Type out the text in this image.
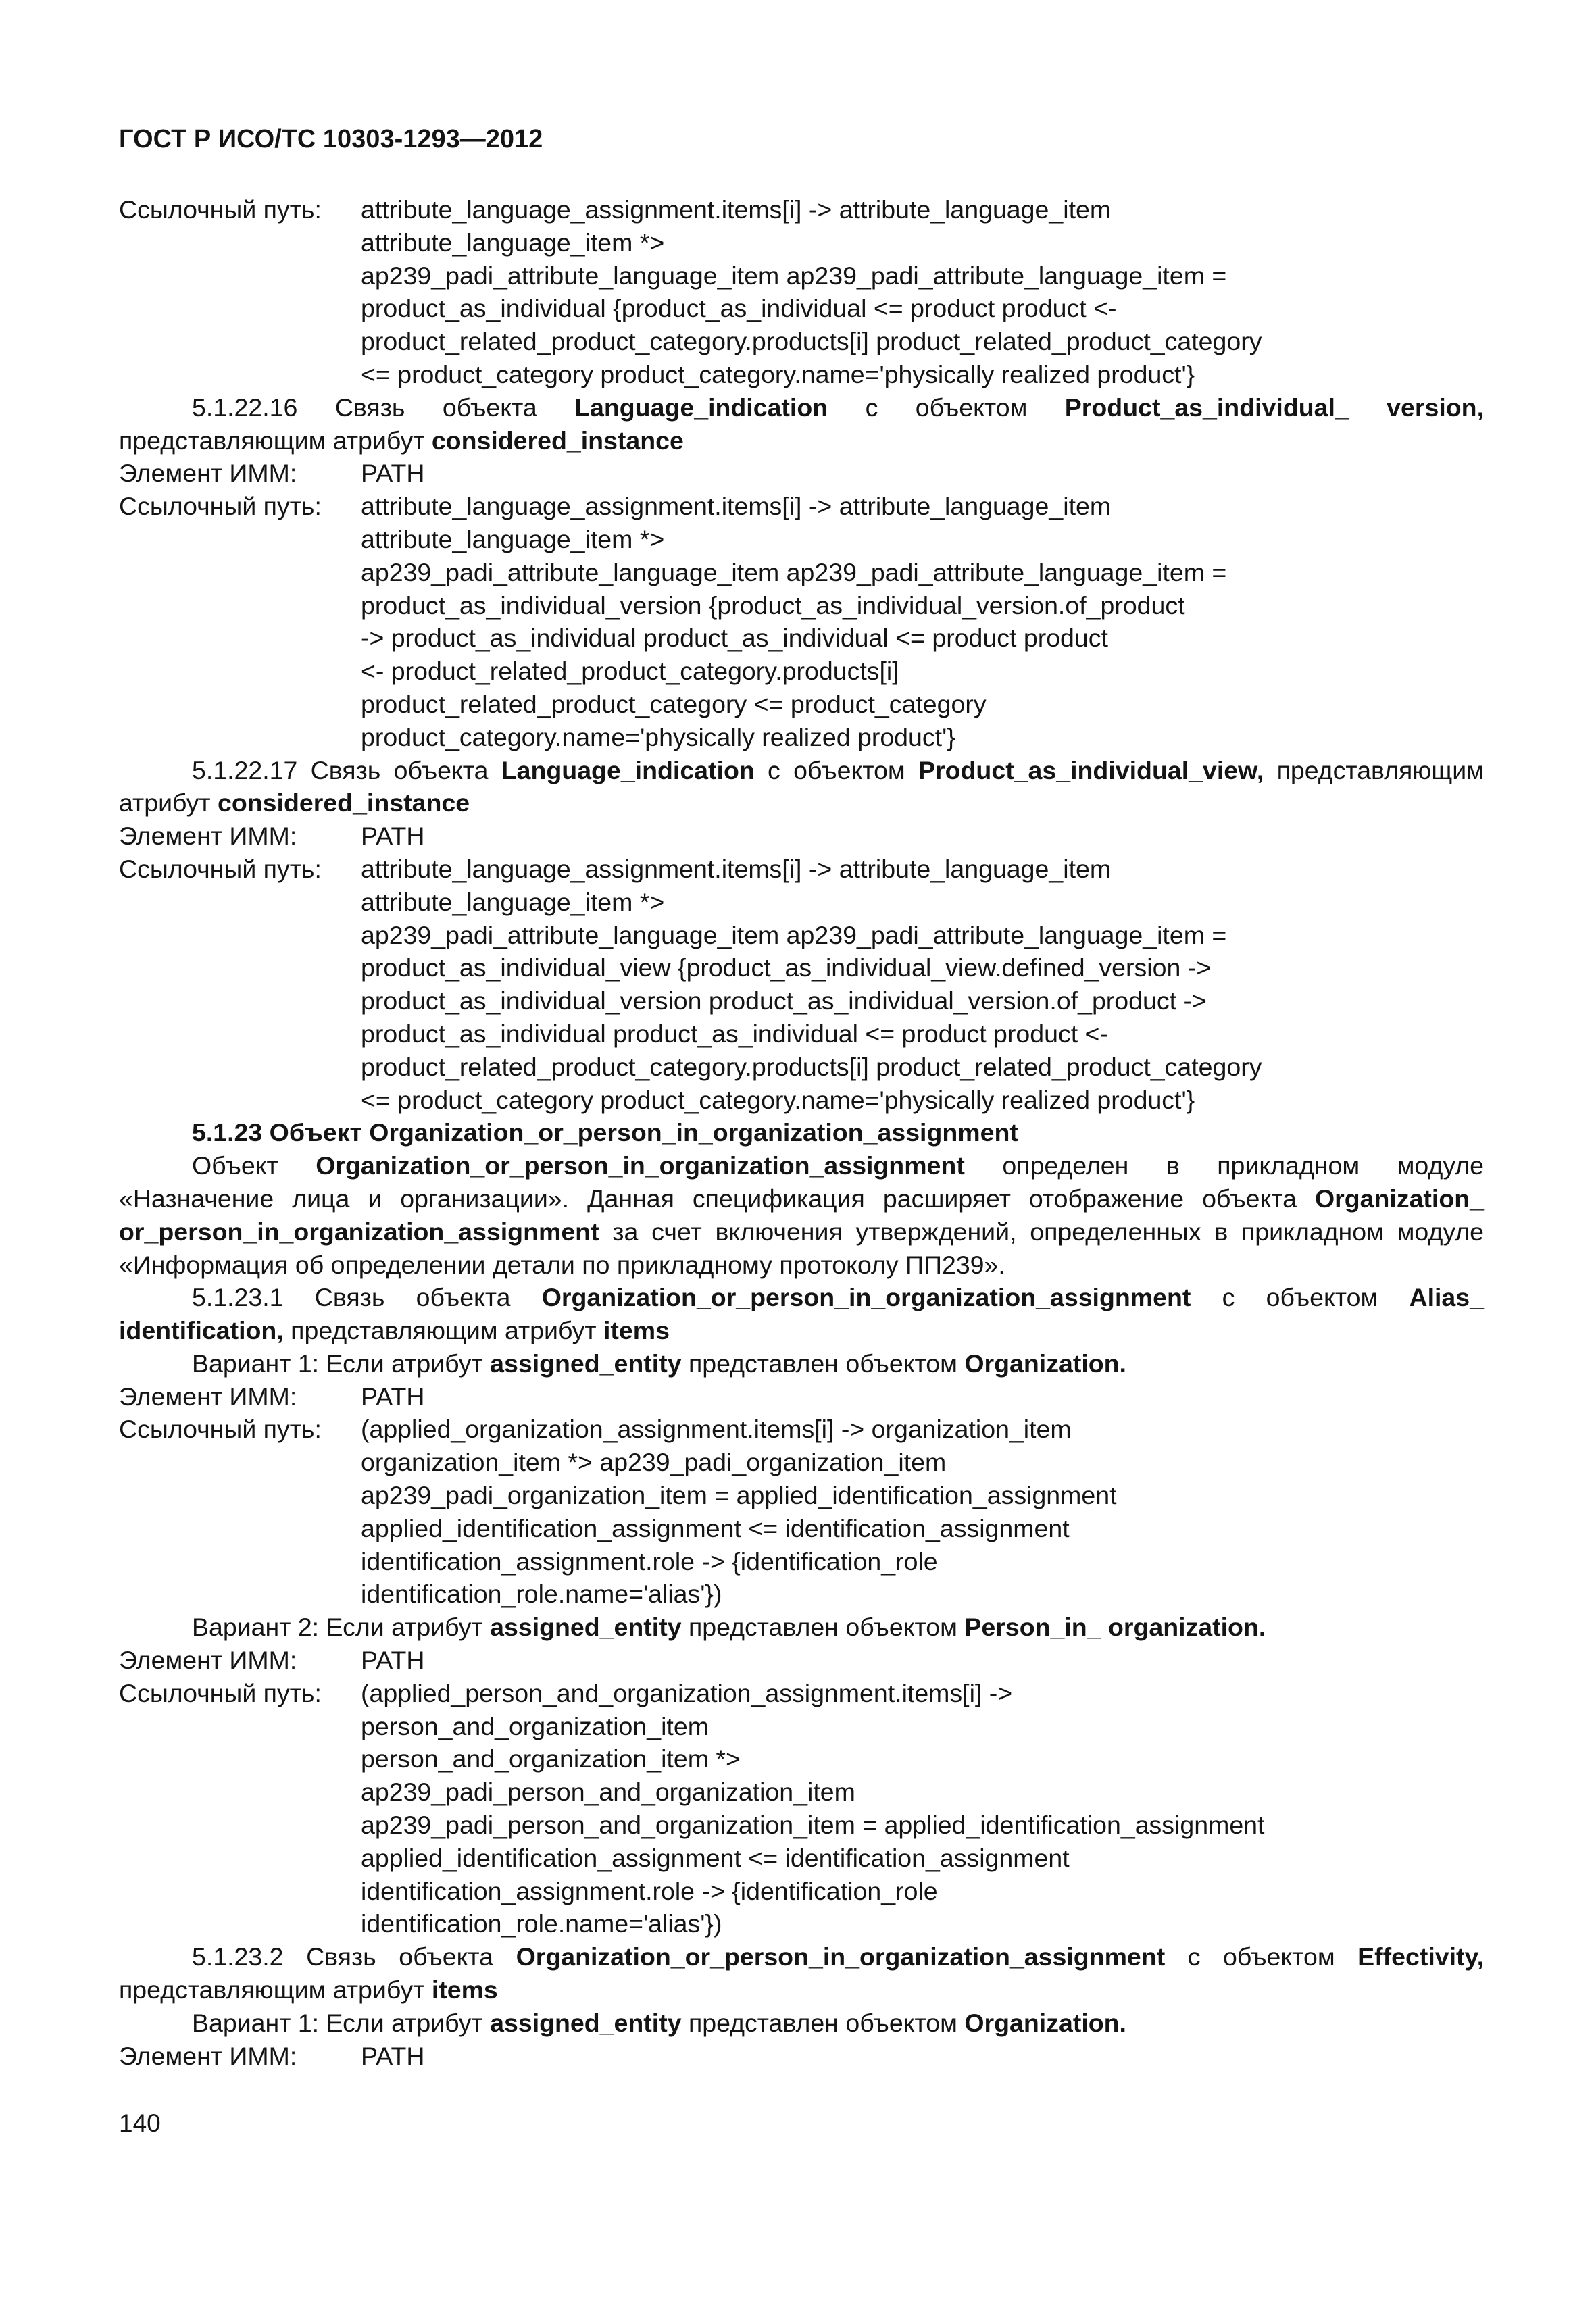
ГОСТ Р ИСО/ТС 10303-1293—2012
Ссылочный путь:	attribute_language_assignment.items[i] -> attribute_language_item
attribute_language_item *>
ap239_padi_attribute_language_item ap239_padi_attribute_language_item =
product_as_individual {product_as_individual <= product product <-
product_related_product_category.products[i] product_related_product_category
<= product_category product_category.name='physically realized product'}
5.1.22.16 Связь объекта Language_indication с объектом Product_as_individual_ version, представляющим атрибут considered_instance
Элемент ИММ:	PATH
Ссылочный путь:	attribute_language_assignment.items[i] -> attribute_language_item
attribute_language_item *>
ap239_padi_attribute_language_item ap239_padi_attribute_language_item =
product_as_individual_version {product_as_individual_version.of_product
-> product_as_individual product_as_individual <= product product
<- product_related_product_category.products[i]
product_related_product_category <= product_category
product_category.name='physically realized product'}
5.1.22.17 Связь объекта Language_indication с объектом Product_as_individual_view, представляющим атрибут considered_instance
Элемент ИММ:	PATH
Ссылочный путь:	attribute_language_assignment.items[i] -> attribute_language_item
attribute_language_item *>
ap239_padi_attribute_language_item ap239_padi_attribute_language_item =
product_as_individual_view {product_as_individual_view.defined_version ->
product_as_individual_version product_as_individual_version.of_product ->
product_as_individual product_as_individual <= product product <-
product_related_product_category.products[i] product_related_product_category
<= product_category product_category.name='physically realized product'}
5.1.23 Объект Organization_or_person_in_organization_assignment
Объект Organization_or_person_in_organization_assignment определен в прикладном модуле «Назначение лица и организации». Данная спецификация расширяет отображение объекта Organization_ or_person_in_organization_assignment за счет включения утверждений, определенных в прикладном модуле «Информация об определении детали по прикладному протоколу ПП239».
5.1.23.1 Связь объекта Organization_or_person_in_organization_assignment с объектом Alias_ identification, представляющим атрибут items
Вариант 1: Если атрибут assigned_entity представлен объектом Organization.
Элемент ИММ:	PATH
Ссылочный путь:	(applied_organization_assignment.items[i] -> organization_item
organization_item *> ap239_padi_organization_item
ap239_padi_organization_item = applied_identification_assignment
applied_identification_assignment <= identification_assignment
identification_assignment.role -> {identification_role
identification_role.name='alias'})
Вариант 2: Если атрибут assigned_entity представлен объектом Person_in_ organization.
Элемент ИММ:	PATH
Ссылочный путь:	(applied_person_and_organization_assignment.items[i] ->
person_and_organization_item
person_and_organization_item *>
ap239_padi_person_and_organization_item
ap239_padi_person_and_organization_item = applied_identification_assignment
applied_identification_assignment <= identification_assignment
identification_assignment.role -> {identification_role
identification_role.name='alias'})
5.1.23.2 Связь объекта Organization_or_person_in_organization_assignment с объектом Effectivity, представляющим атрибут items
Вариант 1: Если атрибут assigned_entity представлен объектом Organization.
Элемент ИММ:	PATH
140
